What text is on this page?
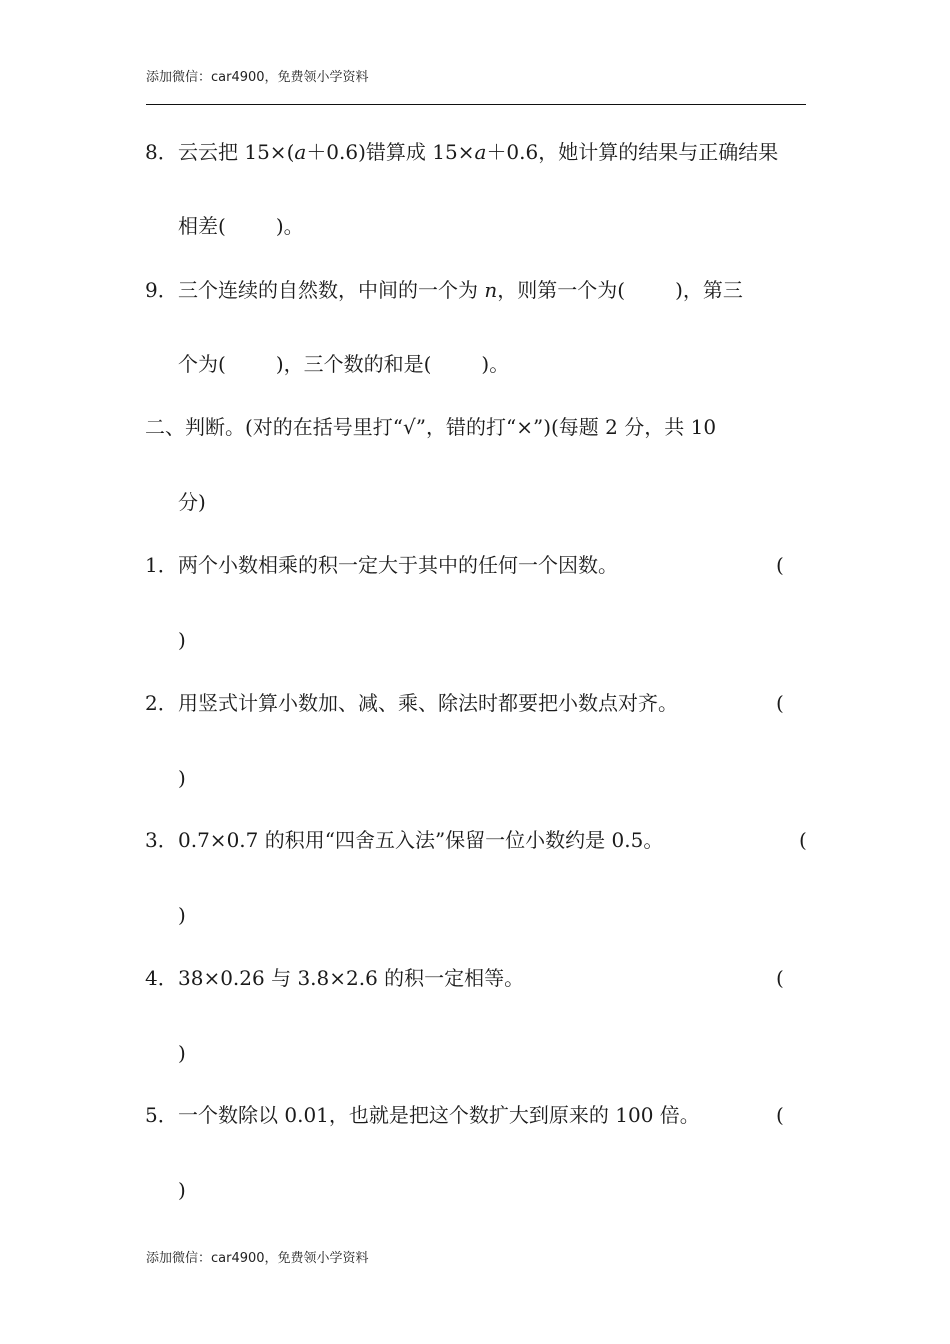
添加微信：car4900，免费领小学资料
8． 云云把 15×(a＋0.6)错算成 15×a＋0.6，她计算的结果与正确结果
相差(	)。
9． 三个连续的自然数，中间的一个为 n，则第一个为(	)，第三
个为(	)，三个数的和是(	)。
二、判断。(对的在括号里打“√”，错的打“×”)(每题 2 分，共 10
分)
1． 两个小数相乘的积一定大于其中的任何一个因数。	(
)
2． 用竖式计算小数加、减、乘、除法时都要把小数点对齐。	(
)
3． 0.7×0.7 的积用“四舍五入法”保留一位小数约是 0.5。	(
)
4． 38×0.26 与 3.8×2.6 的积一定相等。	(
)
5． 一个数除以 0.01，也就是把这个数扩大到原来的 100 倍。	(
)
添加微信：car4900，免费领小学资料
